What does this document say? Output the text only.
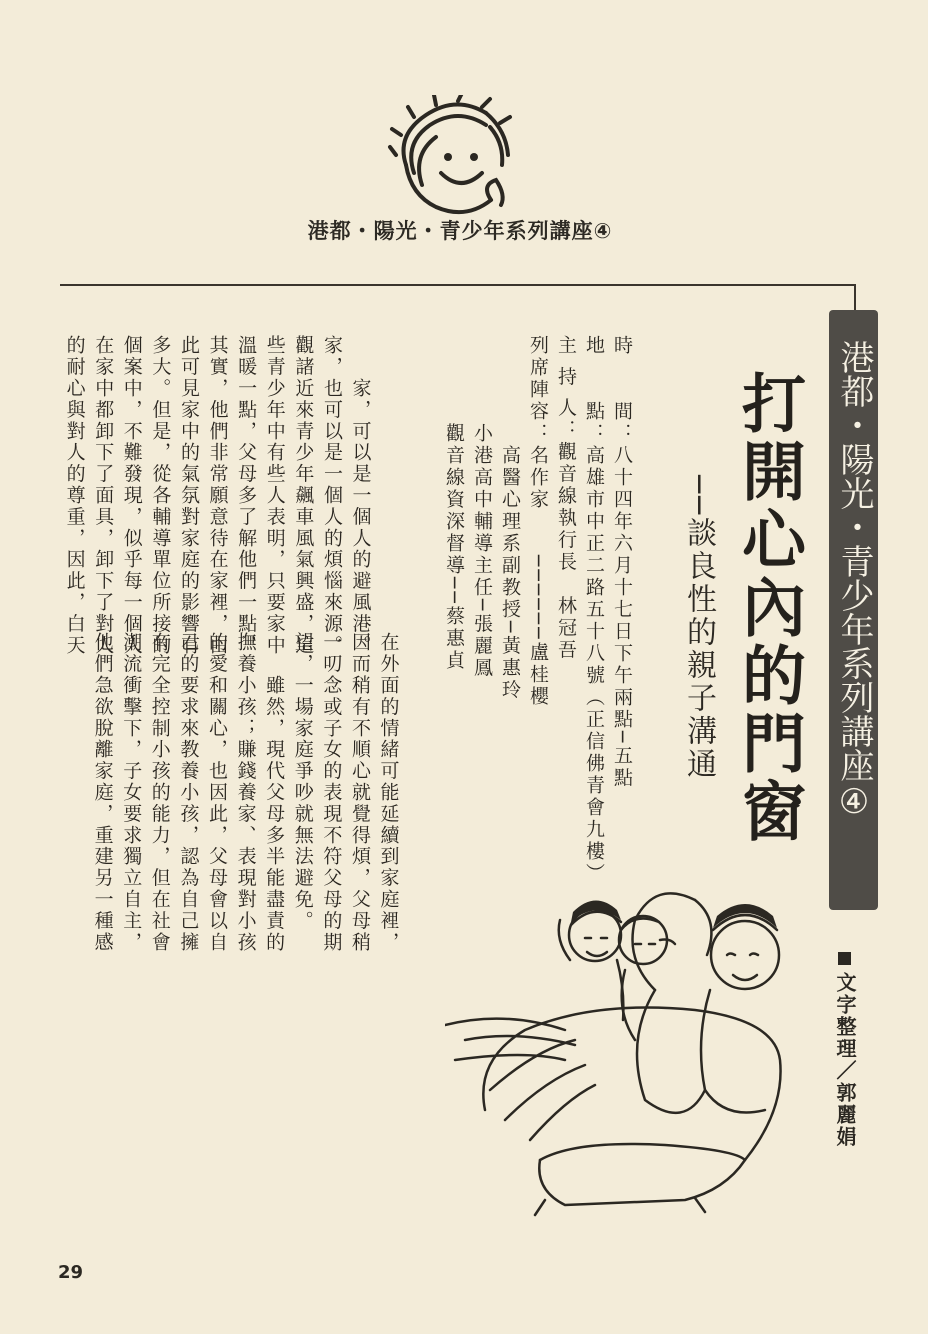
港都・陽光・青少年系列講座④
港都・陽光・青少年系列講座④
打開心內的門窗
──談良性的親子溝通
時　　間：八十四年六月十七日下午兩點─五點
地　　點：高雄市中正二路五十八號（正信佛青會九樓）
主 持 人：觀音線執行長　林冠吾
列席陣容：名作家　　──────盧桂櫻
　　　　　高醫心理系副教授─黃惠玲
　　　　小港高中輔導主任─張麗鳳
　　　　觀音線資深督導──蔡惠貞
　　家，可以是一個人的避風港。
家，也可以是一個人的煩惱來源。
觀諸近來青少年飆車風氣興盛，這
些青少年中有些人表明，只要家中
溫暖一點，父母多了解他們一點，
其實，他們非常願意待在家裡，由
此可見家中的氣氛對家庭的影響有
多大。但是，從各輔導單位所接的
個案中，不難發現，似乎每一個人
在家中都卸下了面具，卸下了對人
的耐心與對人的尊重，因此，白天
在外面的情緒可能延續到家庭裡，
因而稍有不順心就覺得煩，父母稍
一叨念或子女的表現不符父母的期
望，一場家庭爭吵就無法避免。
　　雖然，現代父母多半能盡責的
撫養小孩；賺錢養家、表現對小孩
的愛和關心，也因此，父母會以自
己的要求來教養小孩，認為自己擁
有完全控制小孩的能力，但在社會
潮流衝擊下，子女要求獨立自主，
他們急欲脫離家庭，重建另一種感
文字整理／郭麗娟
29
